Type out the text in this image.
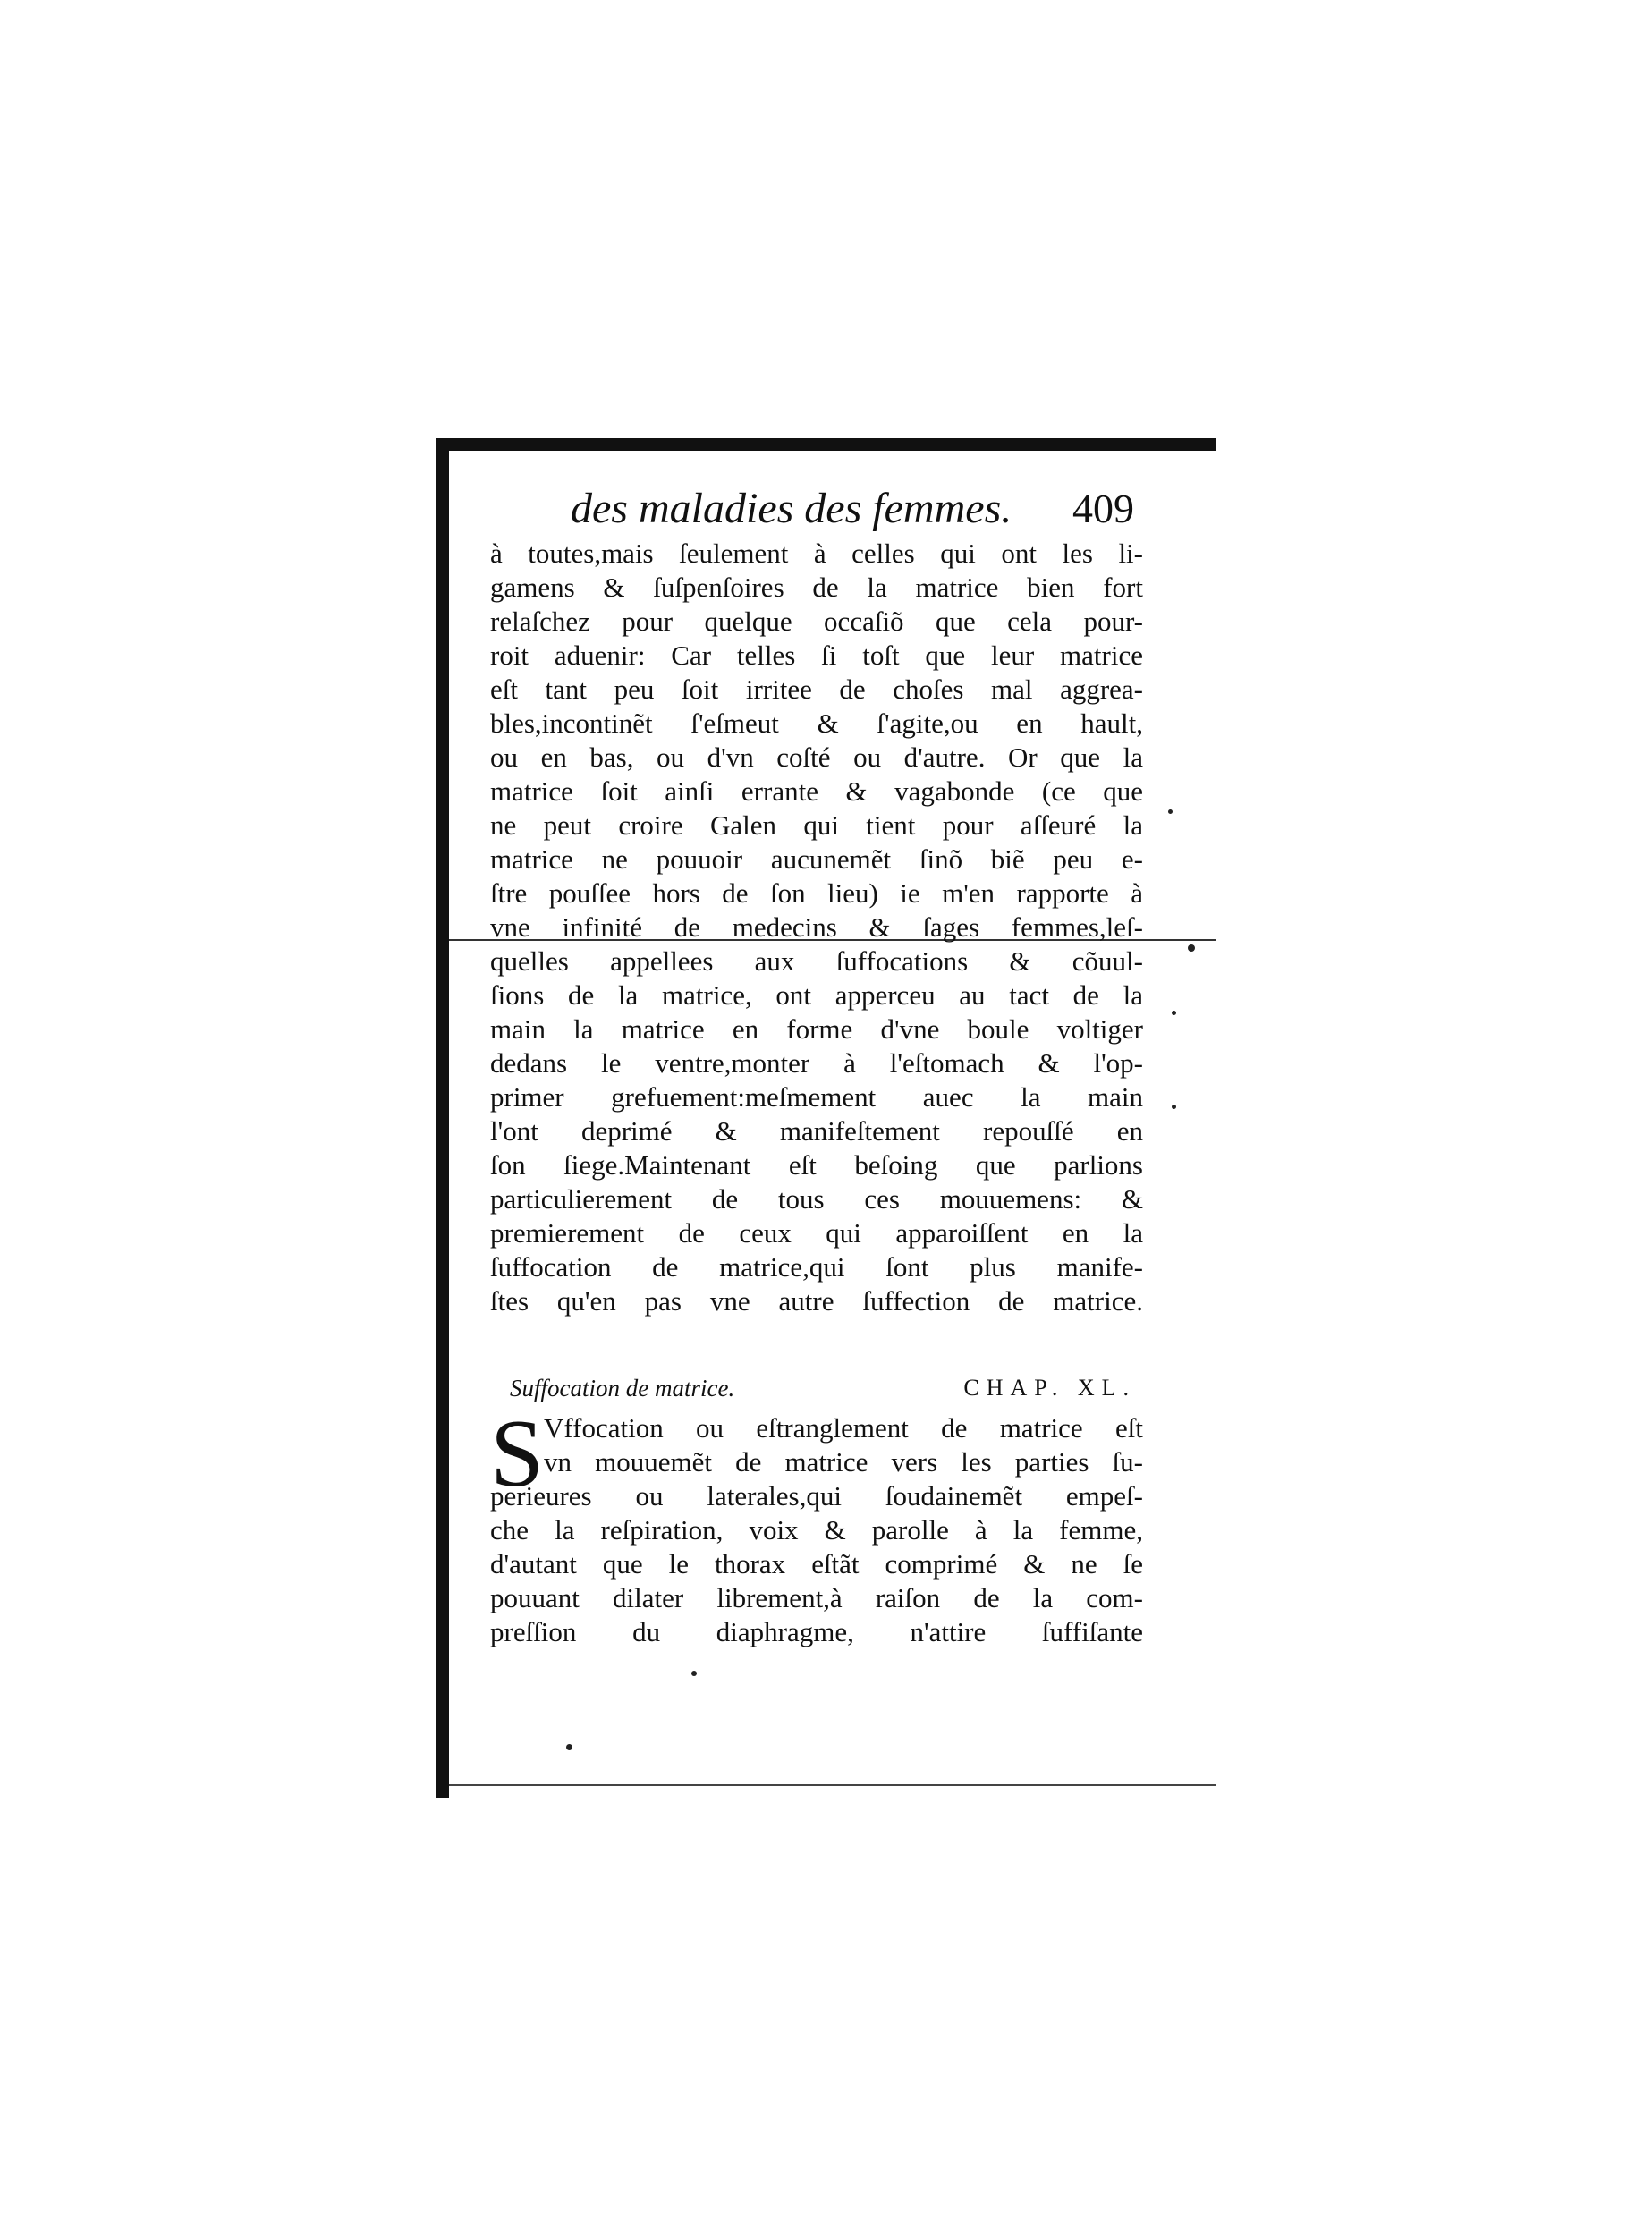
des maladies des femmes. 409
à toutes,mais ſeulement à celles qui ont les li-
gamens & ſuſpenſoires de la matrice bien fort
relaſchez pour quelque occaſiõ que cela pour-
roit aduenir: Car telles ſi toſt que leur matrice
eſt tant peu ſoit irritee de choſes mal aggrea-
bles,incontinẽt ſ'eſmeut & ſ'agite,ou en hault,
ou en bas, ou d'vn coſté ou d'autre. Or que la
matrice ſoit ainſi errante & vagabonde (ce que
ne peut croire Galen qui tient pour aſſeuré la
matrice ne pouuoir aucunemẽt ſinõ biẽ peu e-
ſtre pouſſee hors de ſon lieu) ie m'en rapporte à
vne infinité de medecins & ſages femmes,leſ-
quelles appellees aux ſuffocations & cõuul-
ſions de la matrice, ont apperceu au tact de la
main la matrice en forme d'vne boule voltiger
dedans le ventre,monter à l'eſtomach & l'op-
primer grefuement:meſmement auec la main
l'ont deprimé & manifeſtement repouſſé en
ſon ſiege.Maintenant eſt beſoing que parlions
particulierement de tous ces mouuemens: &
premierement de ceux qui apparoiſſent en la
ſuffocation de matrice,qui ſont plus manife-
ſtes qu'en pas vne autre ſuffection de matrice.
Suffocation de matrice.	CHAP. XL.
S Vffocation ou eſtranglement de matrice eſt
vn mouuemẽt de matrice vers les parties ſu-
perieures ou laterales,qui ſoudainemẽt empeſ-
che la reſpiration, voix & parolle à la femme,
d'autant que le thorax eſtãt comprimé & ne ſe
pouuant dilater librement,à raiſon de la com-
preſſion du diaphragme, n'attire ſuffiſante
